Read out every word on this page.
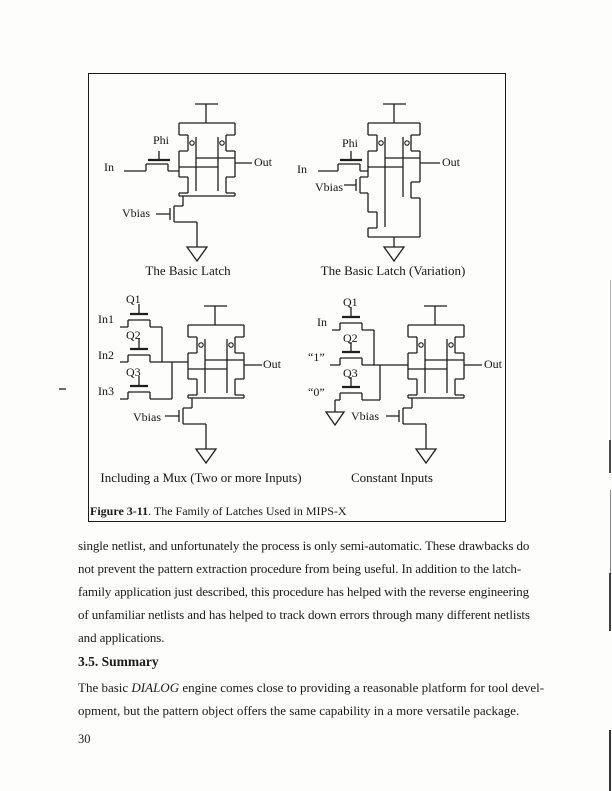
Phi
In	Out
Vbias
The Basic Latch
Phi
In	Out
Vbias
The Basic Latch (Variation)
Q1
In1
Q2
In2
Q3
In3
Vbias
Out
Including a Mux (Two or more Inputs)
Q1
In
Q2
“1”
Q3
“0”
Vbias
Out
Constant Inputs
Figure 3-11. The Family of Latches Used in MIPS-X
single netlist, and unfortunately the process is only semi-automatic. These drawbacks do
not prevent the pattern extraction procedure from being useful. In addition to the latch-
family application just described, this procedure has helped with the reverse engineering
of unfamiliar netlists and has helped to track down errors through many different netlists
and applications.
3.5. Summary
The basic DIALOG engine comes close to providing a reasonable platform for tool devel-
opment, but the pattern object offers the same capability in a more versatile package.
30
